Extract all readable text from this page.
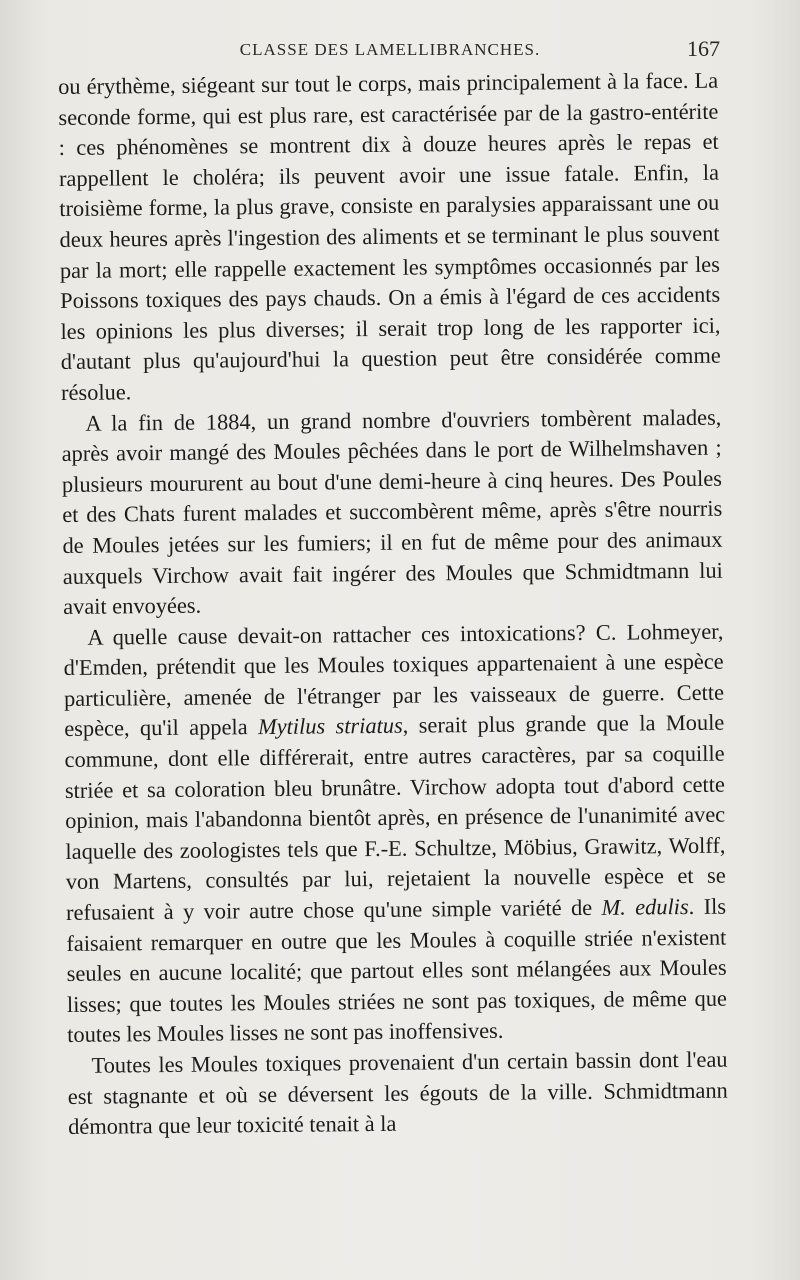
CLASSE DES LAMELLIBRANCHES.	167

ou érythème, siégeant sur tout le corps, mais principalement à la face. La seconde forme, qui est plus rare, est caractérisée par de la gastro-entérite : ces phénomènes se montrent dix à douze heures après le repas et rappellent le choléra; ils peuvent avoir une issue fatale. Enfin, la troisième forme, la plus grave, consiste en paralysies apparaissant une ou deux heures après l'ingestion des aliments et se terminant le plus souvent par la mort; elle rappelle exactement les symptômes occasionnés par les Poissons toxiques des pays chauds. On a émis à l'égard de ces accidents les opinions les plus diverses; il serait trop long de les rapporter ici, d'autant plus qu'aujourd'hui la question peut être considérée comme résolue.

A la fin de 1884, un grand nombre d'ouvriers tombèrent malades, après avoir mangé des Moules pêchées dans le port de Wilhelmshaven ; plusieurs moururent au bout d'une demi-heure à cinq heures. Des Poules et des Chats furent malades et succombèrent même, après s'être nourris de Moules jetées sur les fumiers; il en fut de même pour des animaux auxquels Virchow avait fait ingérer des Moules que Schmidtmann lui avait envoyées.

A quelle cause devait-on rattacher ces intoxications? C. Lohmeyer, d'Emden, prétendit que les Moules toxiques appartenaient à une espèce particulière, amenée de l'étranger par les vaisseaux de guerre. Cette espèce, qu'il appela Mytilus striatus, serait plus grande que la Moule commune, dont elle différerait, entre autres caractères, par sa coquille striée et sa coloration bleu brunâtre. Virchow adopta tout d'abord cette opinion, mais l'abandonna bientôt après, en présence de l'unanimité avec laquelle des zoologistes tels que F.-E. Schultze, Möbius, Grawitz, Wolff, von Martens, consultés par lui, rejetaient la nouvelle espèce et se refusaient à y voir autre chose qu'une simple variété de M. edulis. Ils faisaient remarquer en outre que les Moules à coquille striée n'existent seules en aucune localité; que partout elles sont mélangées aux Moules lisses; que toutes les Moules striées ne sont pas toxiques, de même que toutes les Moules lisses ne sont pas inoffensives.

Toutes les Moules toxiques provenaient d'un certain bassin dont l'eau est stagnante et où se déversent les égouts de la ville. Schmidtmann démontra que leur toxicité tenait à la
